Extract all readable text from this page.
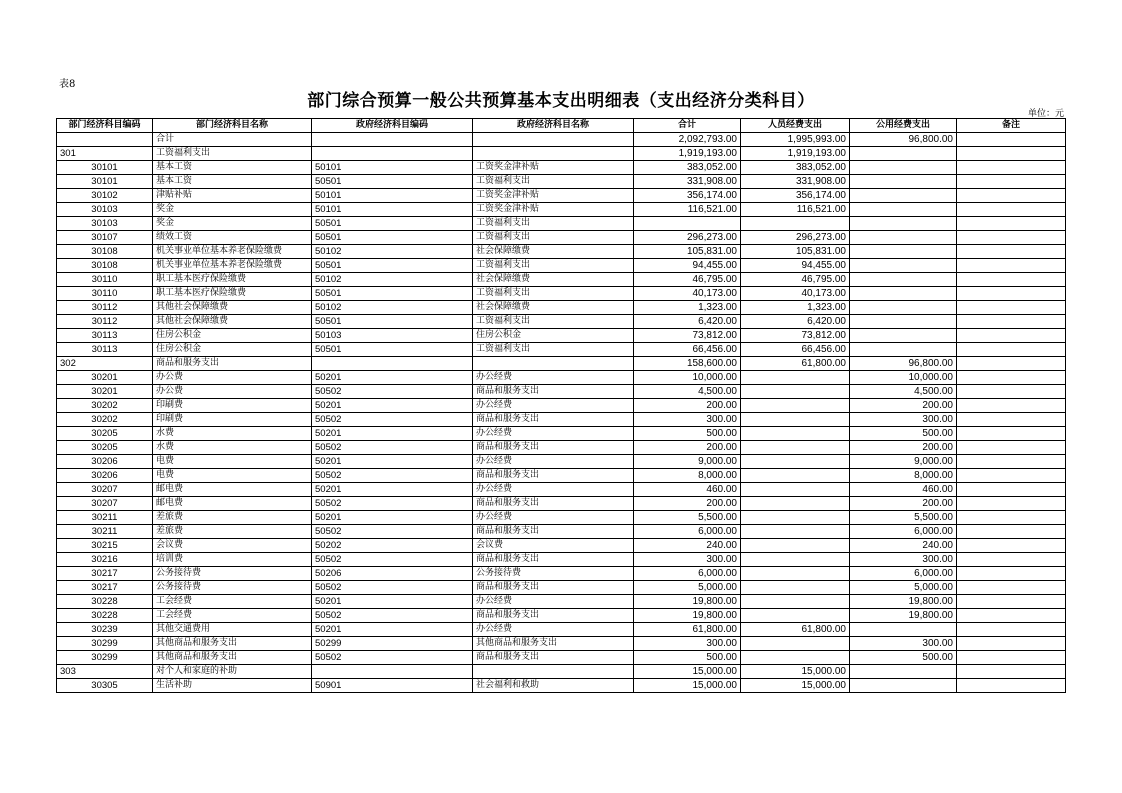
表8
部门综合预算一般公共预算基本支出明细表（支出经济分类科目）
单位：元
部门经济科目编码	部门经济科目名称	政府经济科目编码	政府经济科目名称	合计	人员经费支出	公用经费支出	备注
	合计			2,092,793.00	1,995,993.00	96,800.00	
301	工资福利支出			1,919,193.00	1,919,193.00		
30101	基本工资	50101	工资奖金津补贴	383,052.00	383,052.00		
30101	基本工资	50501	工资福利支出	331,908.00	331,908.00		
30102	津贴补贴	50101	工资奖金津补贴	356,174.00	356,174.00		
30103	奖金	50101	工资奖金津补贴	116,521.00	116,521.00		
30103	奖金	50501	工资福利支出				
30107	绩效工资	50501	工资福利支出	296,273.00	296,273.00		
30108	机关事业单位基本养老保险缴费	50102	社会保障缴费	105,831.00	105,831.00		
30108	机关事业单位基本养老保险缴费	50501	工资福利支出	94,455.00	94,455.00		
30110	职工基本医疗保险缴费	50102	社会保障缴费	46,795.00	46,795.00		
30110	职工基本医疗保险缴费	50501	工资福利支出	40,173.00	40,173.00		
30112	其他社会保障缴费	50102	社会保障缴费	1,323.00	1,323.00		
30112	其他社会保障缴费	50501	工资福利支出	6,420.00	6,420.00		
30113	住房公积金	50103	住房公积金	73,812.00	73,812.00		
30113	住房公积金	50501	工资福利支出	66,456.00	66,456.00		
302	商品和服务支出			158,600.00	61,800.00	96,800.00	
30201	办公费	50201	办公经费	10,000.00		10,000.00	
30201	办公费	50502	商品和服务支出	4,500.00		4,500.00	
30202	印刷费	50201	办公经费	200.00		200.00	
30202	印刷费	50502	商品和服务支出	300.00		300.00	
30205	水费	50201	办公经费	500.00		500.00	
30205	水费	50502	商品和服务支出	200.00		200.00	
30206	电费	50201	办公经费	9,000.00		9,000.00	
30206	电费	50502	商品和服务支出	8,000.00		8,000.00	
30207	邮电费	50201	办公经费	460.00		460.00	
30207	邮电费	50502	商品和服务支出	200.00		200.00	
30211	差旅费	50201	办公经费	5,500.00		5,500.00	
30211	差旅费	50502	商品和服务支出	6,000.00		6,000.00	
30215	会议费	50202	会议费	240.00		240.00	
30216	培训费	50502	商品和服务支出	300.00		300.00	
30217	公务接待费	50206	公务接待费	6,000.00		6,000.00	
30217	公务接待费	50502	商品和服务支出	5,000.00		5,000.00	
30228	工会经费	50201	办公经费	19,800.00		19,800.00	
30228	工会经费	50502	商品和服务支出	19,800.00		19,800.00	
30239	其他交通费用	50201	办公经费	61,800.00	61,800.00		
30299	其他商品和服务支出	50299	其他商品和服务支出	300.00		300.00	
30299	其他商品和服务支出	50502	商品和服务支出	500.00		500.00	
303	对个人和家庭的补助			15,000.00	15,000.00		
30305	生活补助	50901	社会福利和救助	15,000.00	15,000.00		
